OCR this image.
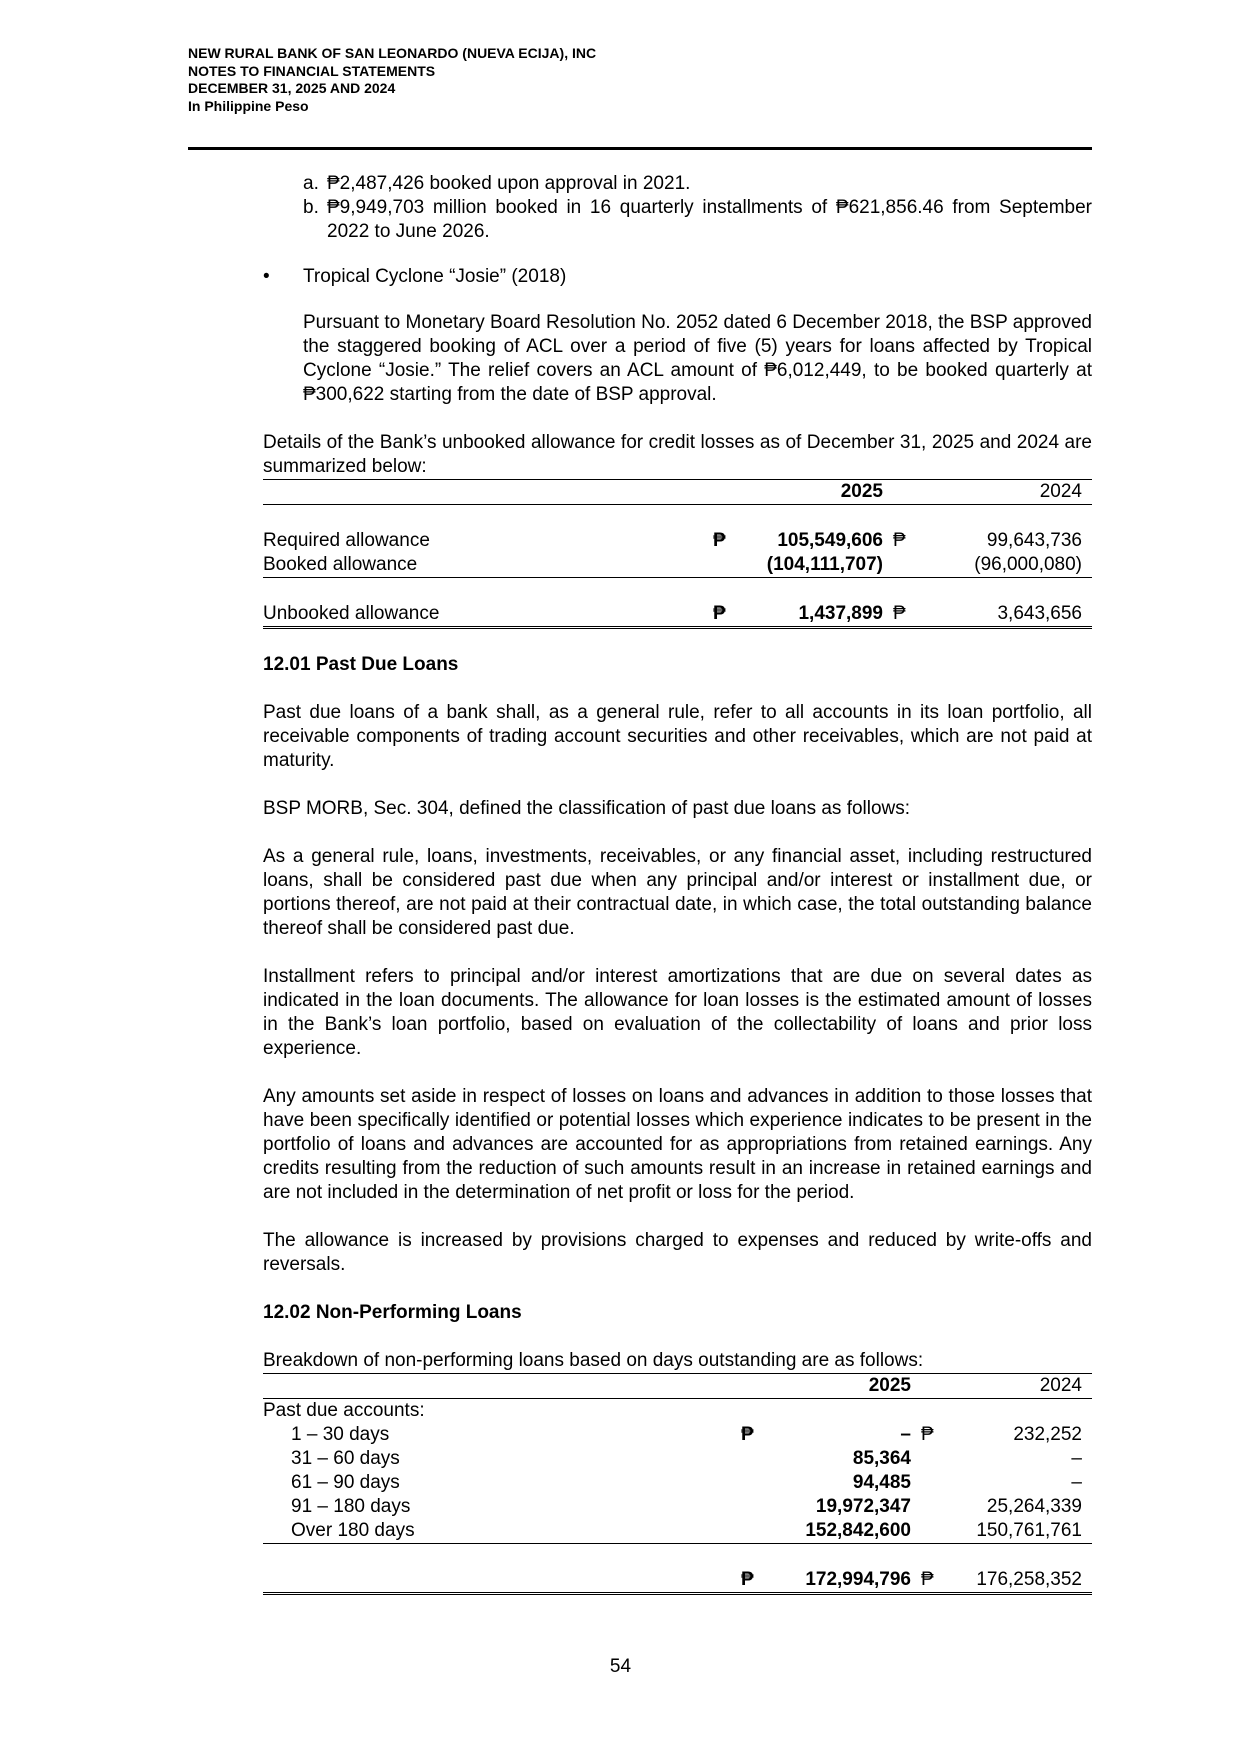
NEW RURAL BANK OF SAN LEONARDO (NUEVA ECIJA), INC
NOTES TO FINANCIAL STATEMENTS
DECEMBER 31, 2025 AND 2024
In Philippine Peso
a. ₱2,487,426 booked upon approval in 2021.
b. ₱9,949,703 million booked in 16 quarterly installments of ₱621,856.46 from September 2022 to June 2026.
•	Tropical Cyclone “Josie” (2018)

Pursuant to Monetary Board Resolution No. 2052 dated 6 December 2018, the BSP approved the staggered booking of ACL over a period of five (5) years for loans affected by Tropical Cyclone “Josie.” The relief covers an ACL amount of ₱6,012,449, to be booked quarterly at ₱300,622 starting from the date of BSP approval.

Details of the Bank’s unbooked allowance for credit losses as of December 31, 2025 and 2024 are summarized below:

		2025		2024

Required allowance	₱	105,549,606	₱	99,643,736
Booked allowance		(104,111,707)		(96,000,080)

Unbooked allowance	₱	1,437,899	₱	3,643,656
12.01 Past Due Loans

Past due loans of a bank shall, as a general rule, refer to all accounts in its loan portfolio, all receivable components of trading account securities and other receivables, which are not paid at maturity.

BSP MORB, Sec. 304, defined the classification of past due loans as follows:

As a general rule, loans, investments, receivables, or any financial asset, including restructured loans, shall be considered past due when any principal and/or interest or installment due, or portions thereof, are not paid at their contractual date, in which case, the total outstanding balance thereof shall be considered past due.

Installment refers to principal and/or interest amortizations that are due on several dates as indicated in the loan documents. The allowance for loan losses is the estimated amount of losses in the Bank’s loan portfolio, based on evaluation of the collectability of loans and prior loss experience.

Any amounts set aside in respect of losses on loans and advances in addition to those losses that have been specifically identified or potential losses which experience indicates to be present in the portfolio of loans and advances are accounted for as appropriations from retained earnings. Any credits resulting from the reduction of such amounts result in an increase in retained earnings and are not included in the determination of net profit or loss for the period.

The allowance is increased by provisions charged to expenses and reduced by write-offs and reversals.

12.02 Non-Performing Loans

Breakdown of non-performing loans based on days outstanding are as follows:

		2025		2024
Past due accounts:				
1 – 30 days	₱	–	₱	232,252
31 – 60 days		85,364		–
61 – 90 days		94,485		–
91 – 180 days		19,972,347		25,264,339
Over 180 days		152,842,600		150,761,761

	₱	172,994,796	₱	176,258,352
54
